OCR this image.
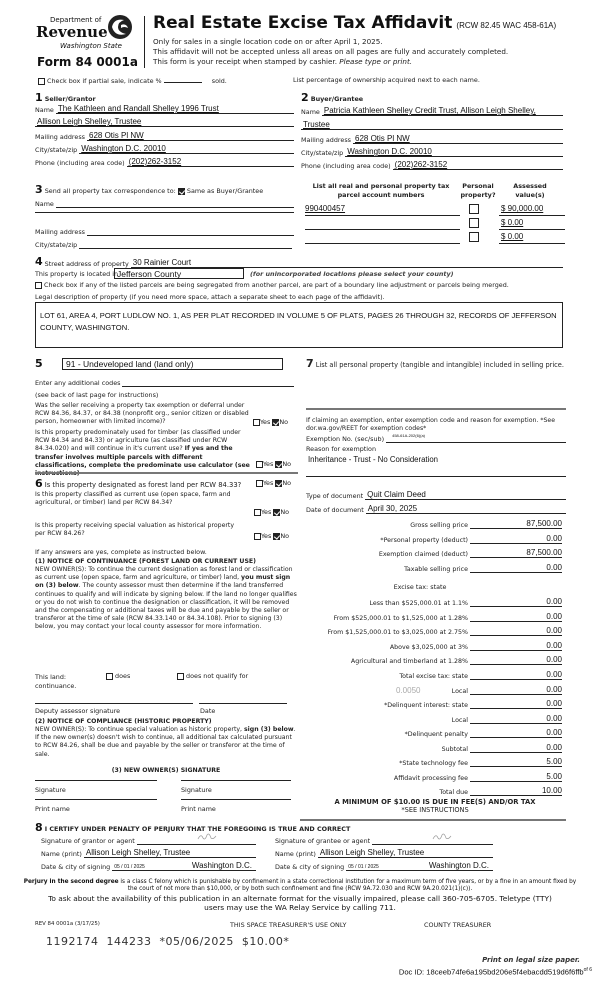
Department of
Revenue
Washington State
Form 84 0001a
Real Estate Excise Tax Affidavit (RCW 82.45 WAC 458-61A)
Only for sales in a single location code on or after April 1, 2025.
This affidavit will not be accepted unless all areas on all pages are fully and accurately completed.
This form is your receipt when stamped by cashier. Please type or print.
Check box if partial sale, indicate %	sold.	List percentage of ownership acquired next to each name.
1 Seller/Grantor
Name The Kathleen and Randall Shelley 1996 Trust
Allison Leigh Shelley, Trustee
Mailing address 628 Otis Pl NW
City/state/zip Washington D.C. 20010
Phone (including area code) (202)262-3152
2 Buyer/Grantee
Name Patricia Kathleen Shelley Credit Trust, Allison Leigh Shelley,
Trustee
Mailing address 628 Otis Pl NW
City/state/zip Washington D.C. 20010
Phone (including area code) (202)262-3152
List all real and personal property tax parcel account numbers
Personal property?
Assessed value(s)
990400457	$ 90,000.00
$ 0.00
$ 0.00
3 Send all property tax correspondence to: Same as Buyer/Grantee
Name
Mailing address
City/state/zip
4 Street address of property 30 Rainier Court
This property is located in
Jefferson County	(for unincorporated locations please select your county)
Check box if any of the listed parcels are being segregated from another parcel, are part of a boundary line adjustment or parcels being merged.
Legal description of property (if you need more space, attach a separate sheet to each page of the affidavit).
LOT 61, AREA 4, PORT LUDLOW NO. 1, AS PER PLAT RECORDED IN VOLUME 5 OF PLATS, PAGES 26 THROUGH 32, RECORDS OF JEFFERSON COUNTY, WASHINGTON.
5	91 - Undeveloped land (land only)
Enter any additional codes
(see back of last page for instructions)
Was the seller receiving a property tax exemption or deferral under RCW 84.36, 84.37, or 84.38 (nonprofit org., senior citizen or disabled person, homeowner with limited income)?	Yes No
Is this property predominately used for timber (as classified under RCW 84.34 and 84.33) or agriculture (as classified under RCW 84.34.020) and will continue in it's current use? If yes and the transfer involves multiple parcels with different classifications, complete the predominate use calculator (see instructions)
Yes No
6 Is this property designated as forest land per RCW 84.33?	Yes No
Is this property classified as current use (open space, farm and agricultural, or timber) land per RCW 84.34?
Yes No
Is this property receiving special valuation as historical property per RCW 84.26?	Yes No
If any answers are yes, complete as instructed below.
(1) NOTICE OF CONTINUANCE (FOREST LAND OR CURRENT USE)
NEW OWNER(S): To continue the current designation as forest land or classification as current use (open space, farm and agriculture, or timber) land, you must sign on (3) below. The county assessor must then determine if the land transferred continues to qualify and will indicate by signing below. If the land no longer qualifies or you do not wish to continue the designation or classification, it will be removed and the compensating or additional taxes will be due and payable by the seller or transferor at the time of sale (RCW 84.33.140 or 84.34.108). Prior to signing (3) below, you may contact your local county assessor for more information.
This land:	does	does not qualify for
continuance.
Deputy assessor signature	Date
(2) NOTICE OF COMPLIANCE (HISTORIC PROPERTY)
NEW OWNER(S): To continue special valuation as historic property, sign (3) below. If the new owner(s) doesn't wish to continue, all additional tax calculated pursuant to RCW 84.26, shall be due and payable by the seller or transferor at the time of sale.
(3) NEW OWNER(S) SIGNATURE
Signature	Signature
Print name	Print name
7 List all personal property (tangible and intangible) included in selling price.
If claiming an exemption, enter exemption code and reason for exemption. *See dor.wa.gov/REET for exemption codes*
Exemption No. (sec/sub) 458-61A-202(6)(a)
Reason for exemption
Inheritance - Trust - No Consideration
Type of document Quit Claim Deed
Date of document April 30, 2025
Gross selling price	87,500.00
*Personal property (deduct)	0.00
Exemption claimed (deduct)	87,500.00
Taxable selling price	0.00
Less than $525,000.01 at 1.1%	0.00
From $525,000.01 to $1,525,000 at 1.28%	0.00
From $1,525,000.01 to $3,025,000 at 2.75%	0.00
Above $3,025,000 at 3%	0.00
Agricultural and timberland at 1.28%	0.00
Total excise tax: state	0.00
Local	0.00
*Delinquent interest: state	0.00
Local	0.00
*Delinquent penalty	0.00
Subtotal	0.00
*State technology fee	5.00
Affidavit processing fee	5.00
Total due	10.00
Excise tax: state
0.0050
A MINIMUM OF $10.00 IS DUE IN FEE(S) AND/OR TAX
*SEE INSTRUCTIONS
8 I CERTIFY UNDER PENALTY OF PERJURY THAT THE FOREGOING IS TRUE AND CORRECT
Signature of grantor or agent
Name (print) Allison Leigh Shelley, Trustee
Date & city of signing 05 / 01 / 2025	Washington D.C.
Signature of grantee or agent
Name (print) Allison Leigh Shelley, Trustee
Date & city of signing 05 / 01 / 2025	Washington D.C.
Perjury in the second degree is a class C felony which is punishable by confinement in a state correctional institution for a maximum term of five years, or by a fine in an amount fixed by the court of not more than $10,000, or by both such confinement and fine (RCW 9A.72.030 and RCW 9A.20.021(1)(c)).
To ask about the availability of this publication in an alternate format for the visually impaired, please call 360-705-6705. Teletype (TTY) users may use the WA Relay Service by calling 711.
REV 84 0001a (3/17/25)	THIS SPACE TREASURER'S USE ONLY	COUNTY TREASURER
1192174  144233  *05/06/2025  $10.00*
Print on legal size paper.
Doc ID: 18ceeb74fe6a195bd206e5f4ebacdd519d6f6ffb$^{of 6}$
